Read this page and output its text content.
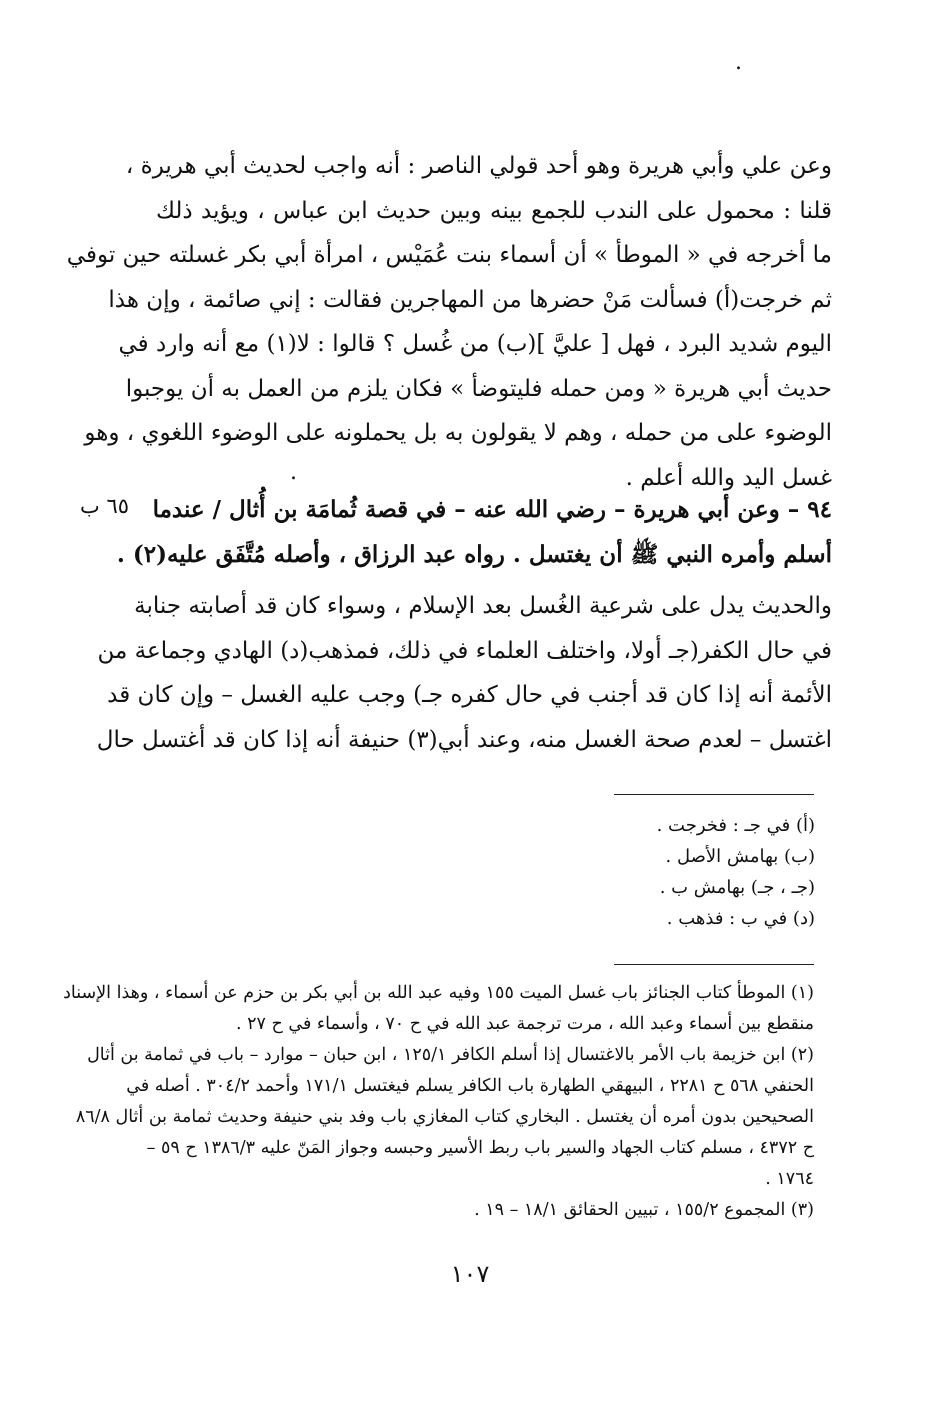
.
وعن علي وأبي هريرة وهو أحد قولي الناصر : أنه واجب لحديث أبي هريرة ،
قلنا : محمول على الندب للجمع بينه وبين حديث ابن عباس ، ويؤيد ذلك
ما أخرجه في « الموطأ » أن أسماء بنت عُمَيْس ، امرأة أبي بكر غسلته حين توفي
ثم خرجت(أ) فسألت مَنْ حضرها من المهاجرين فقالت : إني صائمة ، وإن هذا
اليوم شديد البرد ، فهل [ عليَّ ](ب) من غُسل ؟ قالوا : لا(١) مع أنه وارد في
حديث أبي هريرة « ومن حمله فليتوضأ » فكان يلزم من العمل به أن يوجبوا
الوضوء على من حمله ، وهم لا يقولون به بل يحملونه على الوضوء اللغوي ، وهو
غسل اليد والله أعلم .
.
٩٤ – وعن أبي هريرة – رضي الله عنه – في قصة ثُمامَة بن أُثال / عندما
أسلم وأمره النبي ﷺ أن يغتسل . رواه عبد الرزاق ، وأصله مُتَّفَق عليه(٢) .
٦٥ ب
والحديث يدل على شرعية الغُسل بعد الإسلام ، وسواء كان قد أصابته جنابة
في حال الكفر(جـ أولا، واختلف العلماء في ذلك، فمذهب(د) الهادي وجماعة من
الأئمة أنه إذا كان قد أجنب في حال كفره جـ) وجب عليه الغسل – وإن كان قد
اغتسل – لعدم صحة الغسل منه، وعند أبي(٣) حنيفة أنه إذا كان قد أغتسل حال
(أ) في جـ : فخرجت .
(ب) بهامش الأصل .
(جـ ، جـ) بهامش ب .
(د) في ب : فذهب .
(١) الموطأ كتاب الجنائز باب غسل الميت ١٥٥ وفيه عبد الله بن أبي بكر بن حزم عن أسماء ، وهذا الإسناد
منقطع بين أسماء وعبد الله ، مرت ترجمة عبد الله في ح ٧٠ ، وأسماء في ح ٢٧ .
(٢) ابن خزيمة باب الأمر بالاغتسال إذا أسلم الكافر ١٢٥/١ ، ابن حبان – موارد – باب في ثمامة بن أثال
الحنفي ٥٦٨ ح ٢٢٨١ ، البيهقي الطهارة باب الكافر يسلم فيغتسل ١٧١/١ وأحمد ٣٠٤/٢ . أصله في
الصحيحين بدون أمره أن يغتسل . البخاري كتاب المغازي باب وفد بني حنيفة وحديث ثمامة بن أثال ٨٦/٨
ح ٤٣٧٢ ، مسلم كتاب الجهاد والسير باب ربط الأسير وحبسه وجواز المَنّ عليه ١٣٨٦/٣ ح ٥٩ –
١٧٦٤ .
(٣) المجموع ١٥٥/٢ ، تبيين الحقائق ١٨/١ – ١٩ .
١٠٧
